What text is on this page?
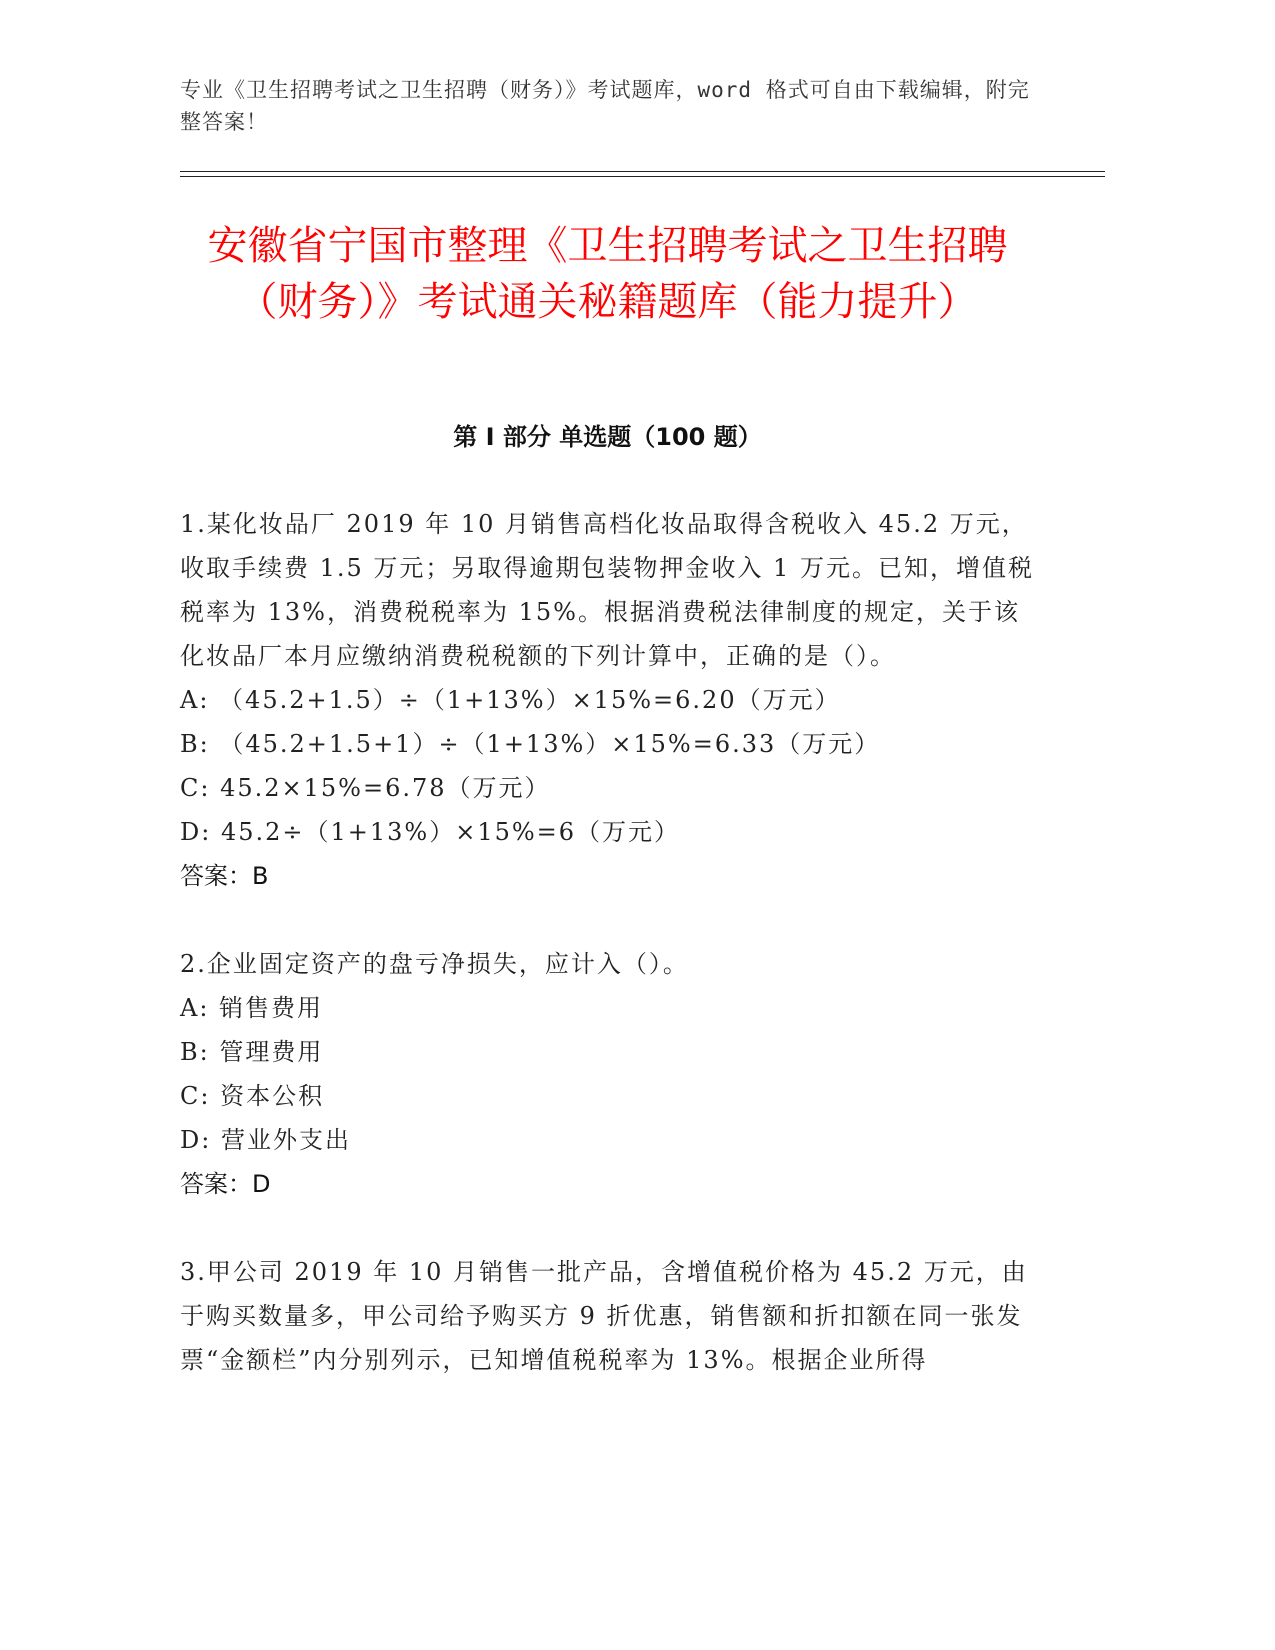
专业《卫生招聘考试之卫生招聘（财务）》考试题库，word 格式可自由下载编辑，附完整答案！
安徽省宁国市整理《卫生招聘考试之卫生招聘（财务）》考试通关秘籍题库（能力提升）
第 I 部分 单选题（100 题）
1.某化妆品厂 2019 年 10 月销售高档化妆品取得含税收入 45.2 万元，收取手续费 1.5 万元；另取得逾期包装物押金收入 1 万元。已知，增值税税率为 13%，消费税税率为 15%。根据消费税法律制度的规定，关于该化妆品厂本月应缴纳消费税税额的下列计算中，正确的是（）。
A: （45.2+1.5）÷（1+13%）×15%=6.20（万元）
B: （45.2+1.5+1）÷（1+13%）×15%=6.33（万元）
C: 45.2×15%=6.78（万元）
D: 45.2÷（1+13%）×15%=6（万元）
答案：B
2.企业固定资产的盘亏净损失，应计入（）。
A: 销售费用
B: 管理费用
C: 资本公积
D: 营业外支出
答案：D
3.甲公司 2019 年 10 月销售一批产品，含增值税价格为 45.2 万元，由于购买数量多，甲公司给予购买方 9 折优惠，销售额和折扣额在同一张发票“金额栏”内分别列示，已知增值税税率为 13%。根据企业所得
